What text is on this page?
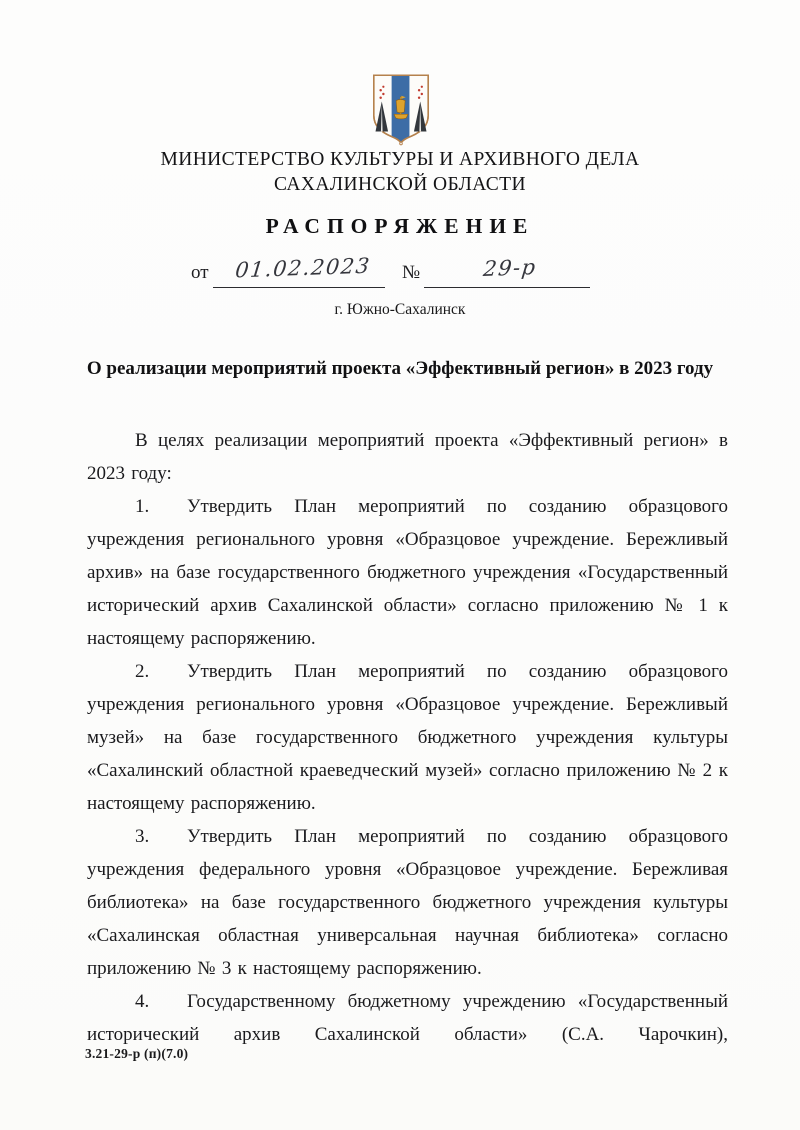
МИНИСТЕРСТВО КУЛЬТУРЫ И АРХИВНОГО ДЕЛА
САХАЛИНСКОЙ ОБЛАСТИ
РАСПОРЯЖЕНИЕ
от	01.02.2023	№	29-р
г. Южно-Сахалинск
О реализации мероприятий проекта «Эффективный регион» в 2023 году

В целях реализации мероприятий проекта «Эффективный регион» в 2023 году:

1. Утвердить План мероприятий по созданию образцового учреждения регионального уровня «Образцовое учреждение. Бережливый архив» на базе государственного бюджетного учреждения «Государственный исторический архив Сахалинской области» согласно приложению № 1 к настоящему распоряжению.

2. Утвердить План мероприятий по созданию образцового учреждения регионального уровня «Образцовое учреждение. Бережливый музей» на базе государственного бюджетного учреждения культуры «Сахалинский областной краеведческий музей» согласно приложению № 2 к настоящему распоряжению.

3. Утвердить План мероприятий по созданию образцового учреждения федерального уровня «Образцовое учреждение. Бережливая библиотека» на базе государственного бюджетного учреждения культуры «Сахалинская областная универсальная научная библиотека» согласно приложению № 3 к настоящему распоряжению.

4. Государственному бюджетному учреждению «Государственный исторический архив Сахалинской области» (С.А. Чарочкин),

3.21-29-р (п)(7.0)
